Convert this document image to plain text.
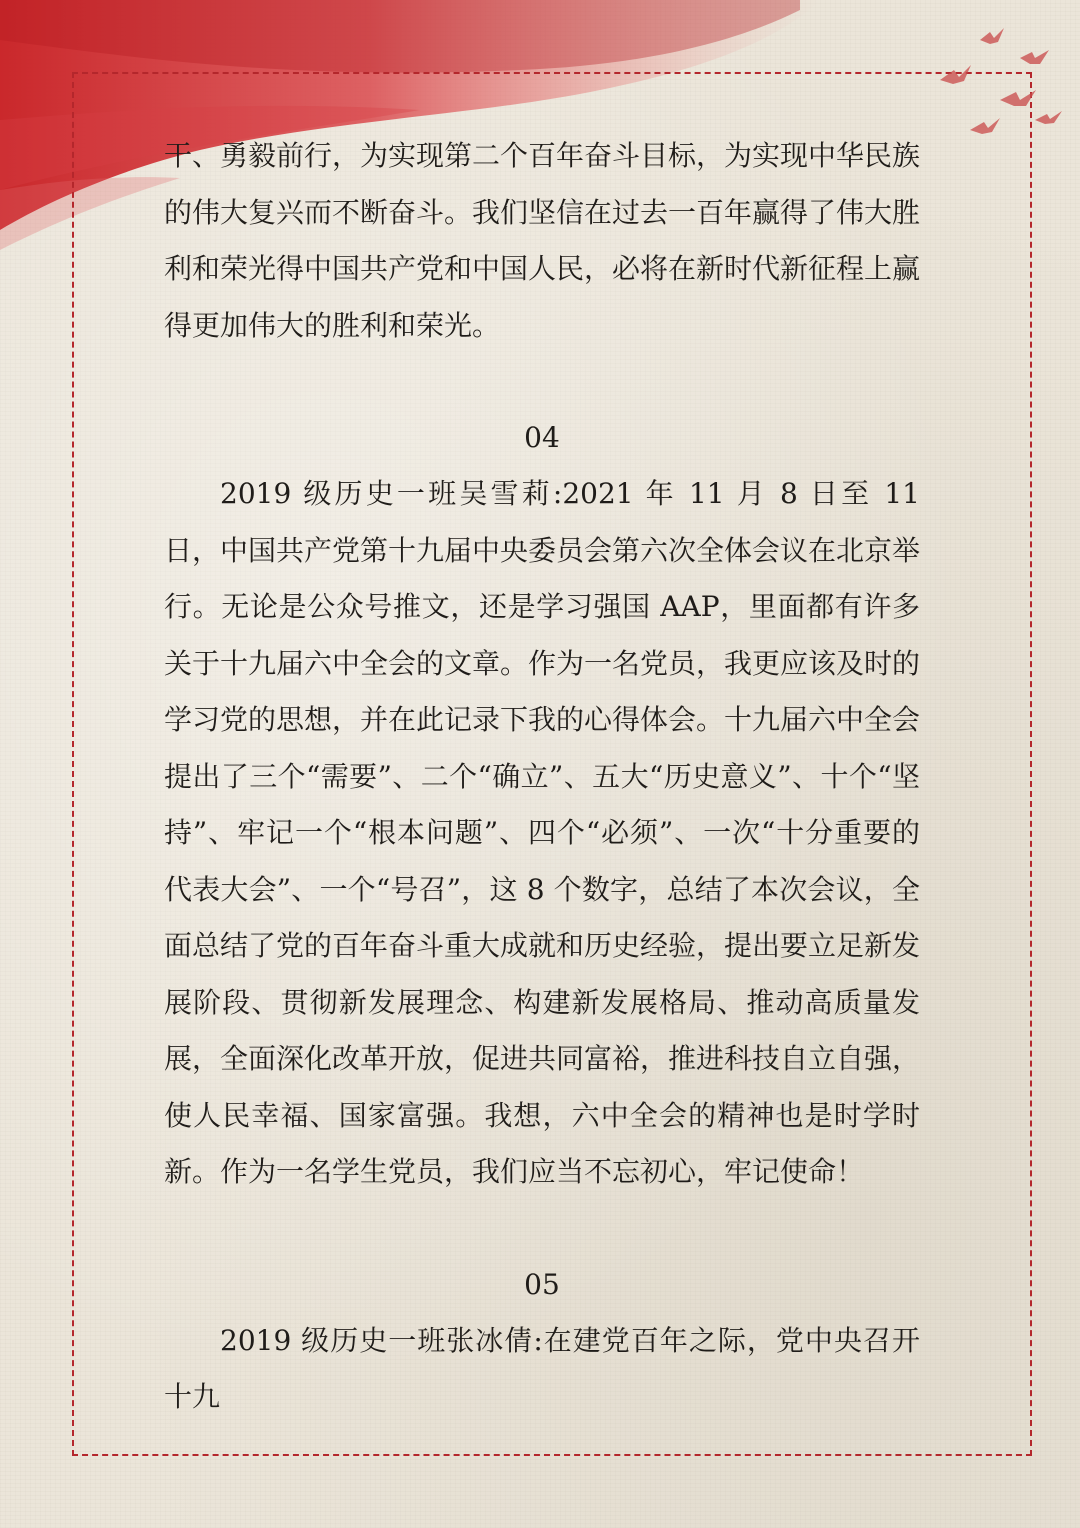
干、勇毅前行，为实现第二个百年奋斗目标，为实现中华民族的伟大复兴而不断奋斗。我们坚信在过去一百年赢得了伟大胜利和荣光得中国共产党和中国人民，必将在新时代新征程上赢得更加伟大的胜利和荣光。

04

2019 级历史一班吴雪莉:2021 年 11 月 8 日至 11 日，中国共产党第十九届中央委员会第六次全体会议在北京举行。无论是公众号推文，还是学习强国 AAP，里面都有许多关于十九届六中全会的文章。作为一名党员，我更应该及时的学习党的思想，并在此记录下我的心得体会。十九届六中全会提出了三个“需要”、二个“确立”、五大“历史意义”、十个“坚持”、牢记一个“根本问题”、四个“必须”、一次“十分重要的代表大会”、一个“号召”，这 8 个数字，总结了本次会议，全面总结了党的百年奋斗重大成就和历史经验，提出要立足新发展阶段、贯彻新发展理念、构建新发展格局、推动高质量发展，全面深化改革开放，促进共同富裕，推进科技自立自强，使人民幸福、国家富强。我想，六中全会的精神也是时学时新。作为一名学生党员，我们应当不忘初心，牢记使命！

05

2019 级历史一班张冰倩:在建党百年之际，党中央召开十九
